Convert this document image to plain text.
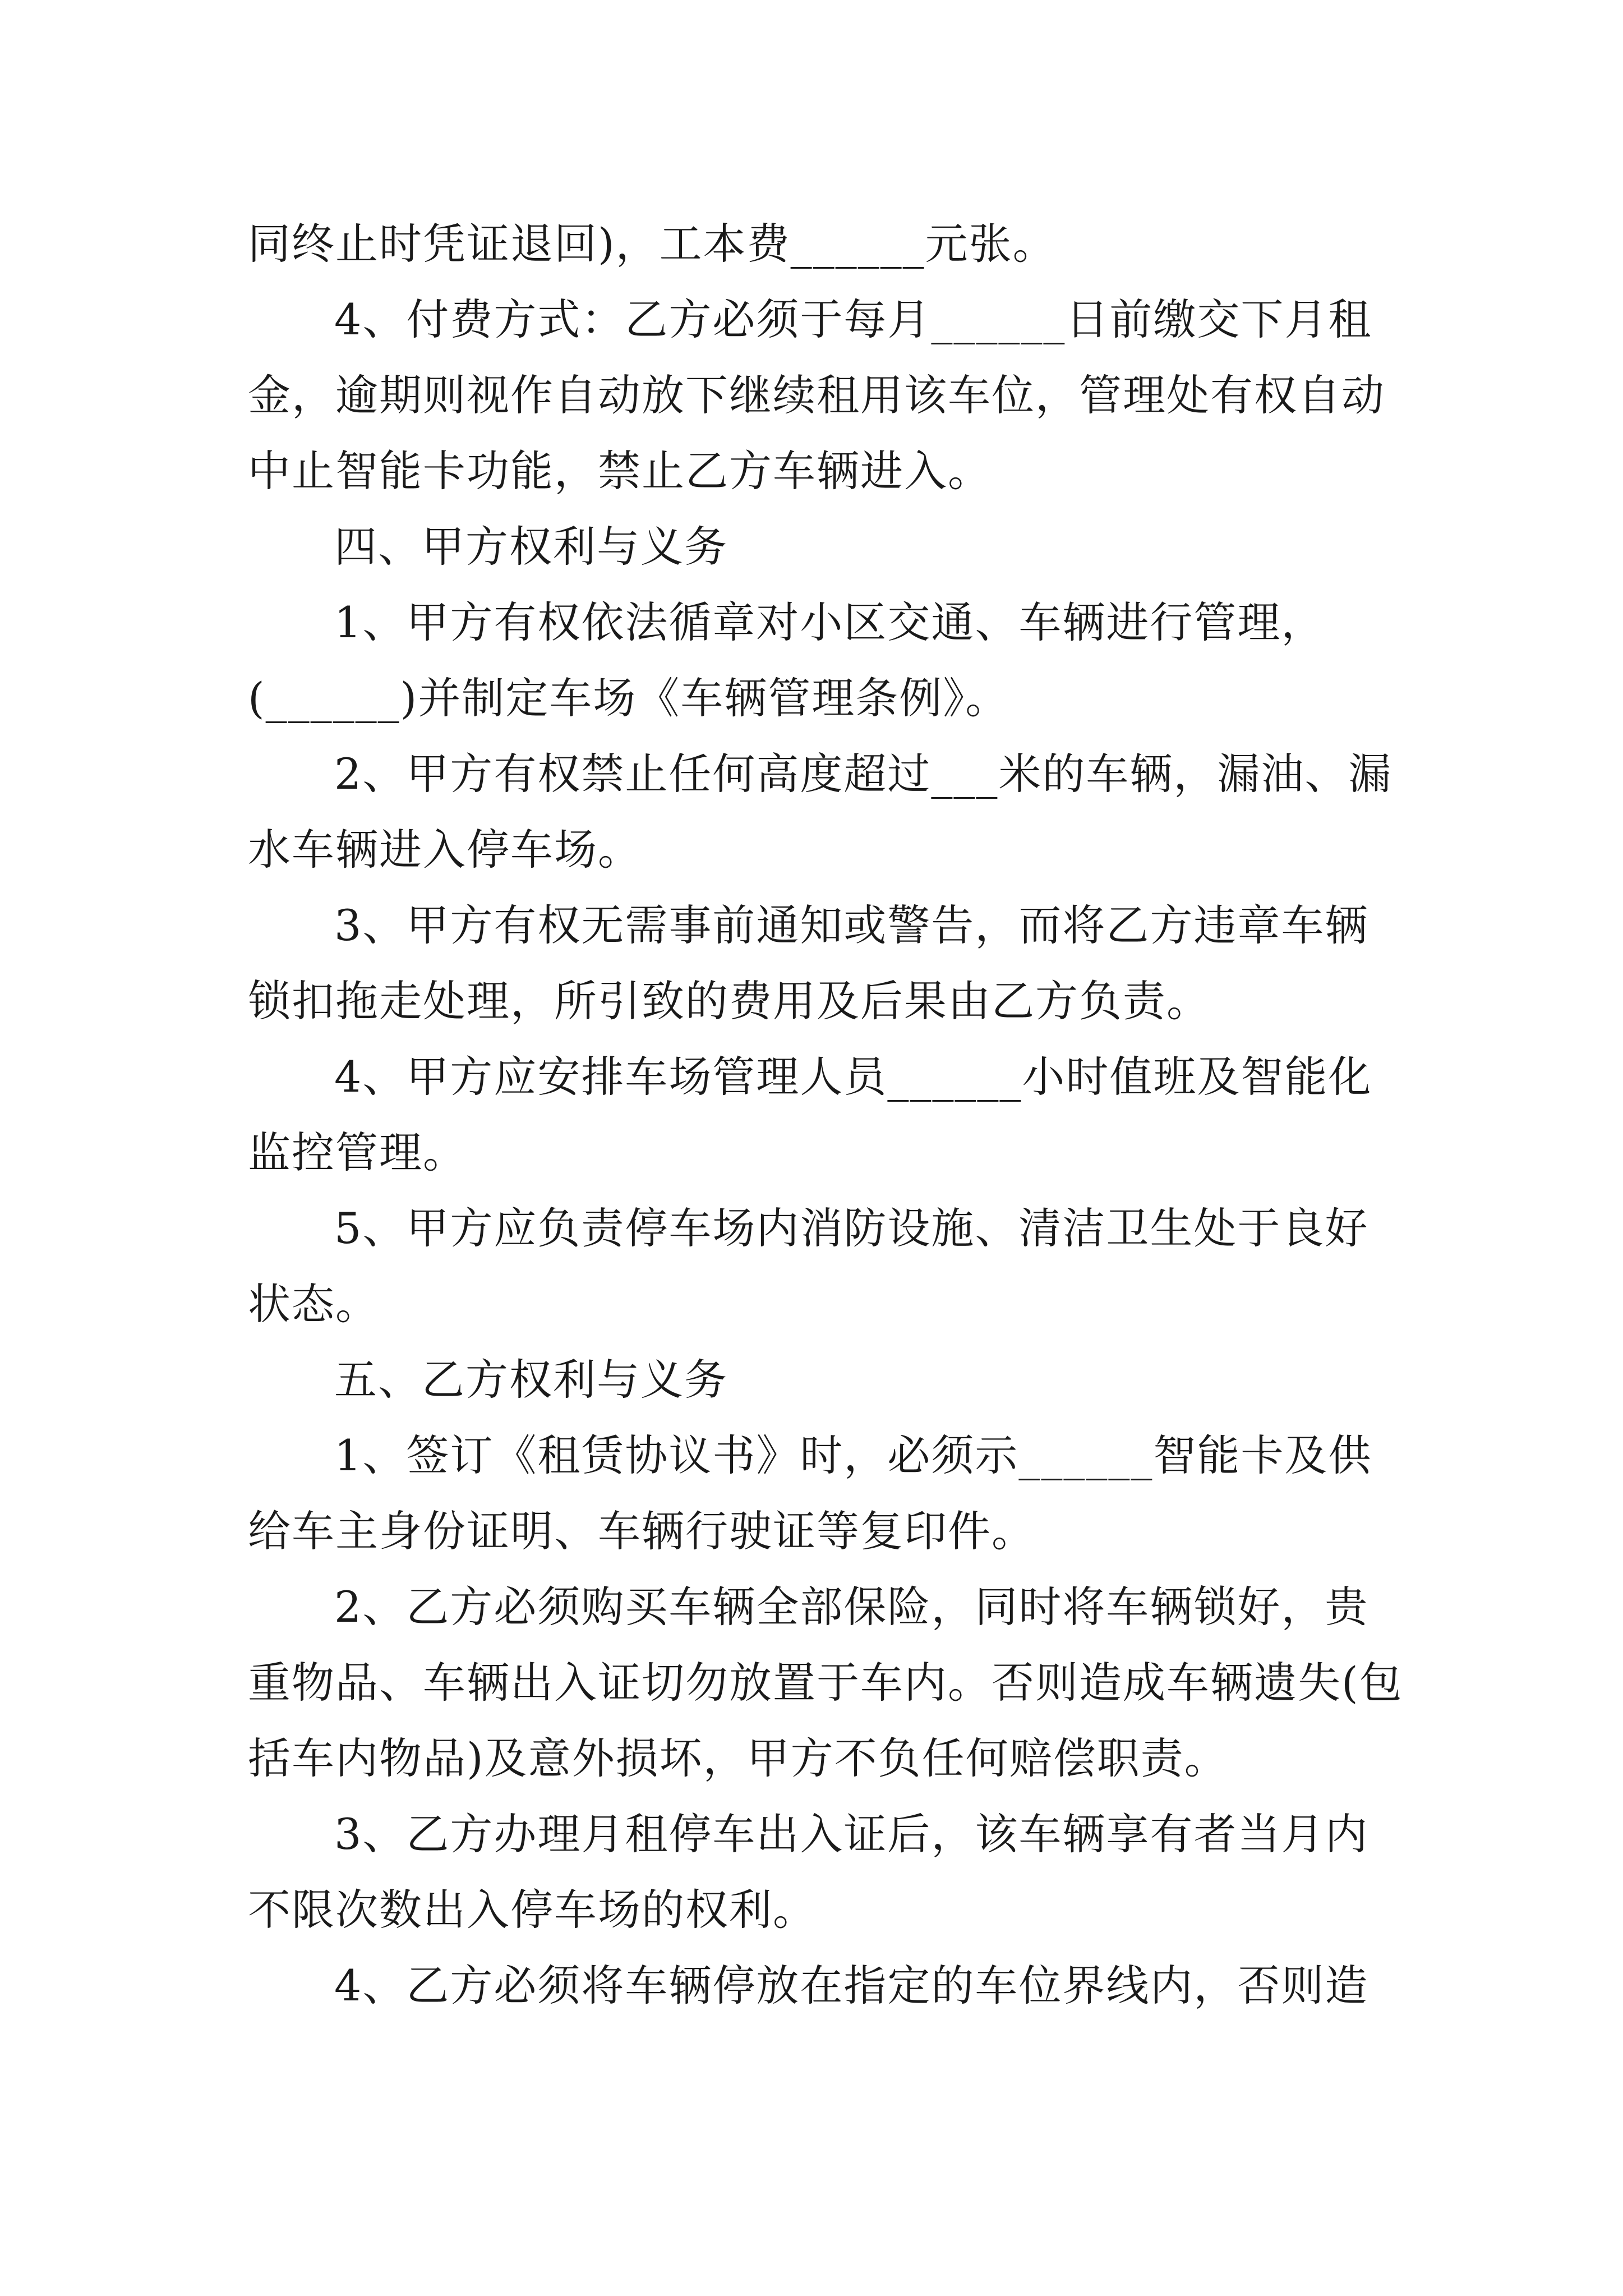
同终止时凭证退回)，工本费______元张。
4、付费方式：乙方必须于每月______日前缴交下月租
金，逾期则视作自动放下继续租用该车位，管理处有权自动
中止智能卡功能，禁止乙方车辆进入。
四、甲方权利与义务
1、甲方有权依法循章对小区交通、车辆进行管理，
(______)并制定车场《车辆管理条例》。
2、甲方有权禁止任何高度超过___米的车辆，漏油、漏
水车辆进入停车场。
3、甲方有权无需事前通知或警告，而将乙方违章车辆
锁扣拖走处理，所引致的费用及后果由乙方负责。
4、甲方应安排车场管理人员______小时值班及智能化
监控管理。
5、甲方应负责停车场内消防设施、清洁卫生处于良好
状态。
五、乙方权利与义务
1、签订《租赁协议书》时，必须示______智能卡及供
给车主身份证明、车辆行驶证等复印件。
2、乙方必须购买车辆全部保险，同时将车辆锁好，贵
重物品、车辆出入证切勿放置于车内。否则造成车辆遗失(包
括车内物品)及意外损坏，甲方不负任何赔偿职责。
3、乙方办理月租停车出入证后，该车辆享有者当月内
不限次数出入停车场的权利。
4、乙方必须将车辆停放在指定的车位界线内，否则造
